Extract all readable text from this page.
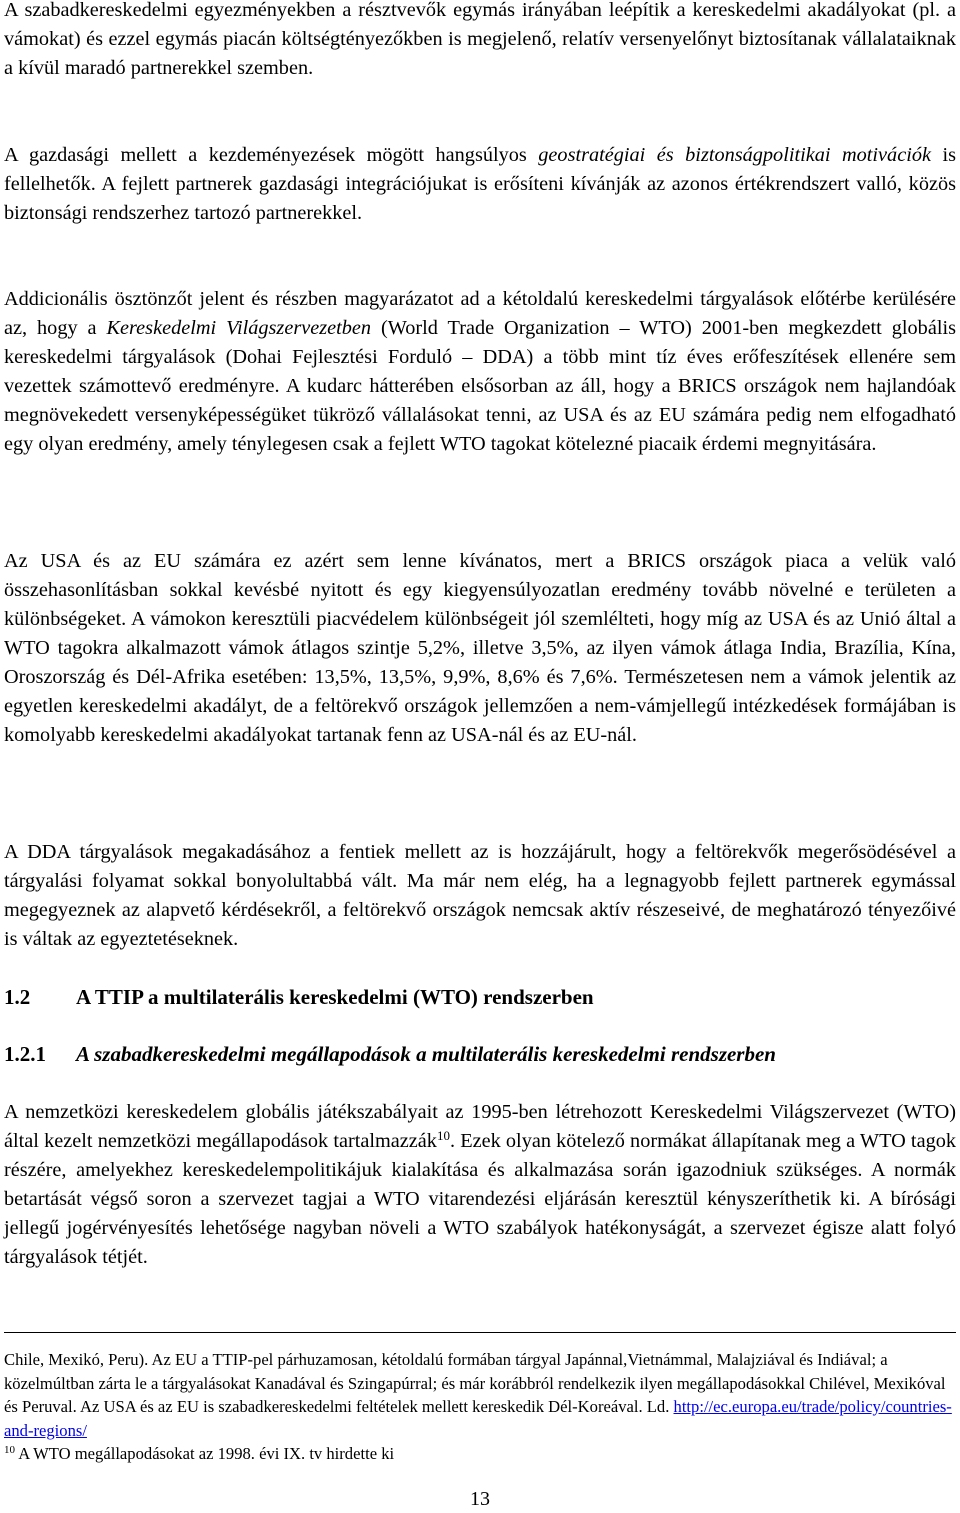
A szabadkereskedelmi egyezményekben a résztvevők egymás irányában leépítik a kereskedelmi akadályokat (pl. a vámokat) és ezzel egymás piacán költségtényezőkben is megjelenő, relatív versenyelőnyt biztosítanak vállalataiknak a kívül maradó partnerekkel szemben.

A gazdasági mellett a kezdeményezések mögött hangsúlyos geostratégiai és biztonságpolitikai motivációk is fellelhetők. A fejlett partnerek gazdasági integrációjukat is erősíteni kívánják az azonos értékrendszert valló, közös biztonsági rendszerhez tartozó partnerekkel.

Addicionális ösztönzőt jelent és részben magyarázatot ad a kétoldalú kereskedelmi tárgyalások előtérbe kerülésére az, hogy a Kereskedelmi Világszervezetben (World Trade Organization – WTO) 2001-ben megkezdett globális kereskedelmi tárgyalások (Dohai Fejlesztési Forduló – DDA) a több mint tíz éves erőfeszítések ellenére sem vezettek számottevő eredményre. A kudarc hátterében elsősorban az áll, hogy a BRICS országok nem hajlandóak megnövekedett versenyképességüket tükröző vállalásokat tenni, az USA és az EU számára pedig nem elfogadható egy olyan eredmény, amely ténylegesen csak a fejlett WTO tagokat kötelezné piacaik érdemi megnyitására.

Az USA és az EU számára ez azért sem lenne kívánatos, mert a BRICS országok piaca a velük való összehasonlításban sokkal kevésbé nyitott és egy kiegyensúlyozatlan eredmény tovább növelné e területen a különbségeket. A vámokon keresztüli piacvédelem különbségeit jól szemlélteti, hogy míg az USA és az Unió által a WTO tagokra alkalmazott vámok átlagos szintje 5,2%, illetve 3,5%, az ilyen vámok átlaga India, Brazília, Kína, Oroszország és Dél-Afrika esetében: 13,5%, 13,5%, 9,9%, 8,6% és 7,6%. Természetesen nem a vámok jelentik az egyetlen kereskedelmi akadályt, de a feltörekvő országok jellemzően a nem-vámjellegű intézkedések formájában is komolyabb kereskedelmi akadályokat tartanak fenn az USA-nál és az EU-nál.

A DDA tárgyalások megakadásához a fentiek mellett az is hozzájárult, hogy a feltörekvők megerősödésével a tárgyalási folyamat sokkal bonyolultabbá vált. Ma már nem elég, ha a legnagyobb fejlett partnerek egymással megegyeznek az alapvető kérdésekről, a feltörekvő országok nemcsak aktív részeseivé, de meghatározó tényezőivé is váltak az egyeztetéseknek.

1.2 A TTIP a multilaterális kereskedelmi (WTO) rendszerben
1.2.1 A szabadkereskedelmi megállapodások a multilaterális kereskedelmi rendszerben

A nemzetközi kereskedelem globális játékszabályait az 1995-ben létrehozott Kereskedelmi Világszervezet (WTO) által kezelt nemzetközi megállapodások tartalmazzák$^{10}$. Ezek olyan kötelező normákat állapítanak meg a WTO tagok részére, amelyekhez kereskedelempolitikájuk kialakítása és alkalmazása során igazodniuk szükséges. A normák betartását végső soron a szervezet tagjai a WTO vitarendezési eljárásán keresztül kényszeríthetik ki. A bírósági jellegű jogérvényesítés lehetősége nagyban növeli a WTO szabályok hatékonyságát, a szervezet égisze alatt folyó tárgyalások tétjét.

Chile, Mexikó, Peru). Az EU a TTIP-pel párhuzamosan, kétoldalú formában tárgyal Japánnal,Vietnámmal, Malajziával és Indiával; a közelmúltban zárta le a tárgyalásokat Kanadával és Szingapúrral; és már korábbról rendelkezik ilyen megállapodásokkal Chilével, Mexikóval és Peruval. Az USA és az EU is szabadkereskedelmi feltételek mellett kereskedik Dél-Koreával. Ld. http://ec.europa.eu/trade/policy/countries-and-regions/
$^{10}$ A WTO megállapodásokat az 1998. évi IX. tv hirdette ki

13
